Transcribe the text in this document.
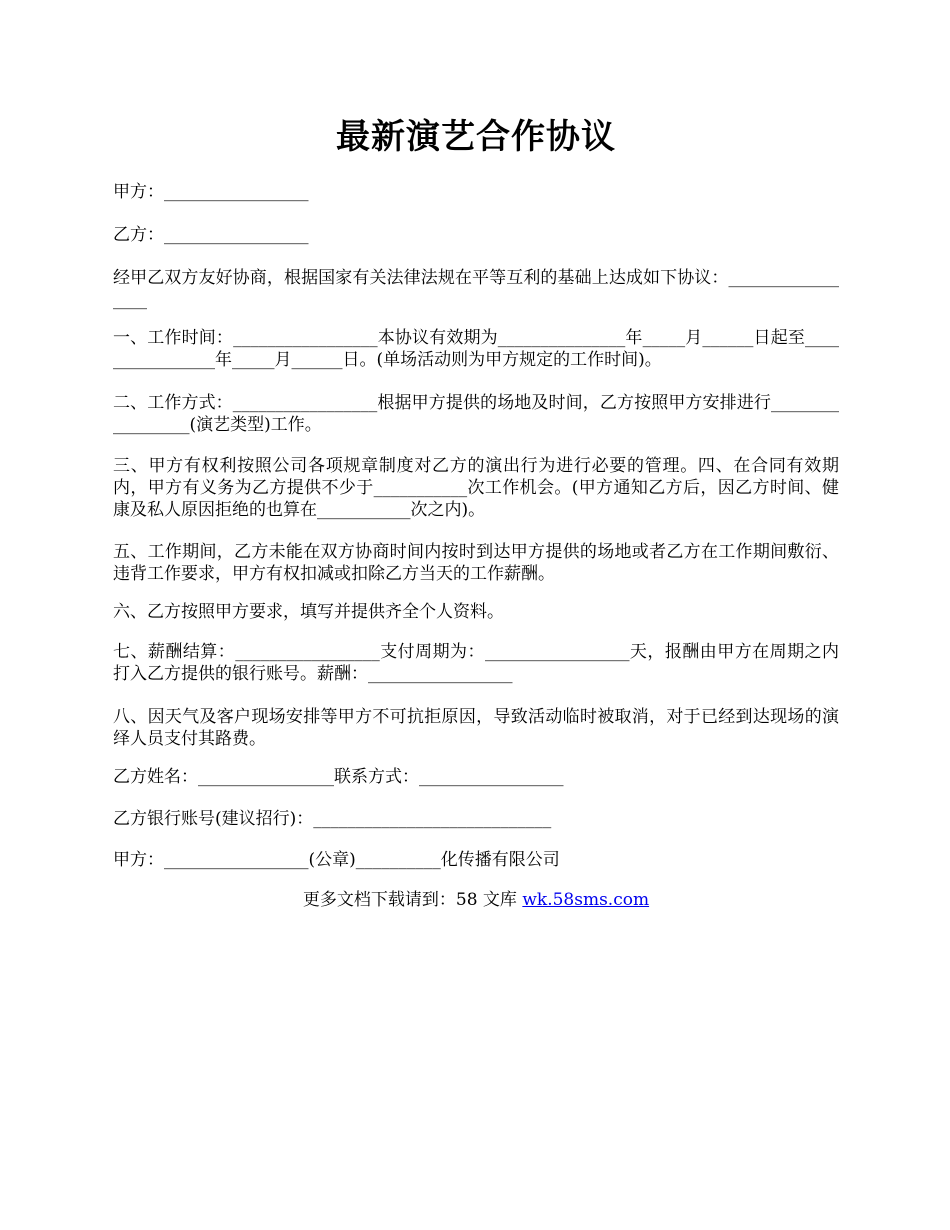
最新演艺合作协议
甲方：_________________
乙方：_________________
经甲乙双方友好协商，根据国家有关法律法规在平等互利的基础上达成如下协议：_________________
一、工作时间：_________________本协议有效期为_______________年_____月______日起至________________年_____月______日。(单场活动则为甲方规定的工作时间)。
二、工作方式：_________________根据甲方提供的场地及时间，乙方按照甲方安排进行_________________(演艺类型)工作。
三、甲方有权利按照公司各项规章制度对乙方的演出行为进行必要的管理。四、在合同有效期内，甲方有义务为乙方提供不少于___________次工作机会。(甲方通知乙方后，因乙方时间、健康及私人原因拒绝的也算在___________次之内)。
五、工作期间，乙方未能在双方协商时间内按时到达甲方提供的场地或者乙方在工作期间敷衍、违背工作要求，甲方有权扣减或扣除乙方当天的工作薪酬。
六、乙方按照甲方要求，填写并提供齐全个人资料。
七、薪酬结算：_________________支付周期为：_________________天，报酬由甲方在周期之内打入乙方提供的银行账号。薪酬：_________________
八、因天气及客户现场安排等甲方不可抗拒原因，导致活动临时被取消，对于已经到达现场的演绎人员支付其路费。
乙方姓名：________________联系方式：_________________
乙方银行账号(建议招行)：____________________________
甲方：_________________(公章)__________化传播有限公司
更多文档下载请到：58 文库 wk.58sms.com
